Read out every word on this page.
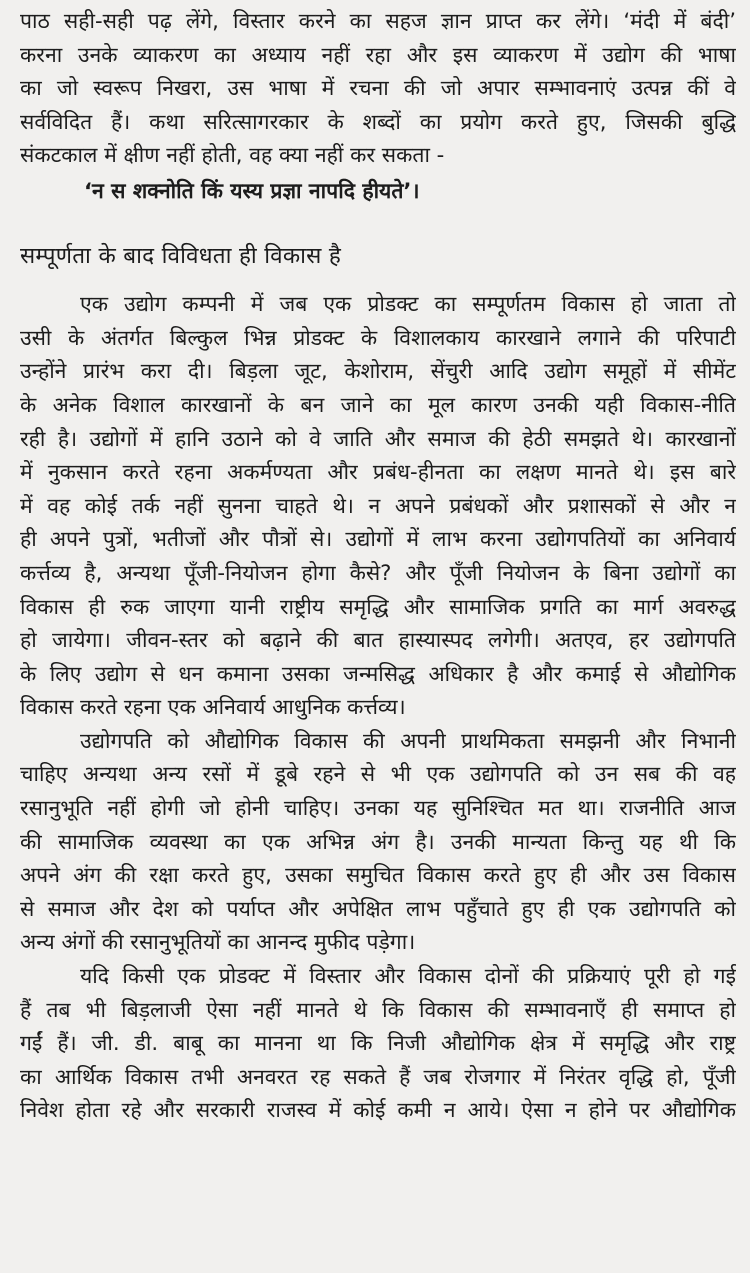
पाठ सही-सही पढ़ लेंगे, विस्तार करने का सहज ज्ञान प्राप्त कर लेंगे। ‘मंदी में बंदी’
करना उनके व्याकरण का अध्याय नहीं रहा और इस व्याकरण में उद्योग की भाषा
का जो स्वरूप निखरा, उस भाषा में रचना की जो अपार सम्भावनाएं उत्पन्न कीं वे
सर्वविदित हैं। कथा सरित्सागरकार के शब्दों का प्रयोग करते हुए, जिसकी बुद्धि
संकटकाल में क्षीण नहीं होती, वह क्या नहीं कर सकता -
‘न स शक्नोति किं यस्य प्रज्ञा नापदि हीयते’।
सम्पूर्णता के बाद विविधता ही विकास है
एक उद्योग कम्पनी में जब एक प्रोडक्ट का सम्पूर्णतम विकास हो जाता तो
उसी के अंतर्गत बिल्कुल भिन्न प्रोडक्ट के विशालकाय कारखाने लगाने की परिपाटी
उन्होंने प्रारंभ करा दी। बिड़ला जूट, केशोराम, सेंचुरी आदि उद्योग समूहों में सीमेंट
के अनेक विशाल कारखानों के बन जाने का मूल कारण उनकी यही विकास-नीति
रही है। उद्योगों में हानि उठाने को वे जाति और समाज की हेठी समझते थे। कारखानों
में नुकसान करते रहना अकर्मण्यता और प्रबंध-हीनता का लक्षण मानते थे। इस बारे
में वह कोई तर्क नहीं सुनना चाहते थे। न अपने प्रबंधकों और प्रशासकों से और न
ही अपने पुत्रों, भतीजों और पौत्रों से। उद्योगों में लाभ करना उद्योगपतियों का अनिवार्य
कर्त्तव्य है, अन्यथा पूँजी-नियोजन होगा कैसे? और पूँजी नियोजन के बिना उद्योगों का
विकास ही रुक जाएगा यानी राष्ट्रीय समृद्धि और सामाजिक प्रगति का मार्ग अवरुद्ध
हो जायेगा। जीवन-स्तर को बढ़ाने की बात हास्यास्पद लगेगी। अतएव, हर उद्योगपति
के लिए उद्योग से धन कमाना उसका जन्मसिद्ध अधिकार है और कमाई से औद्योगिक
विकास करते रहना एक अनिवार्य आधुनिक कर्त्तव्य।
उद्योगपति को औद्योगिक विकास की अपनी प्राथमिकता समझनी और निभानी
चाहिए अन्यथा अन्य रसों में डूबे रहने से भी एक उद्योगपति को उन सब की वह
रसानुभूति नहीं होगी जो होनी चाहिए। उनका यह सुनिश्चित मत था। राजनीति आज
की सामाजिक व्यवस्था का एक अभिन्न अंग है। उनकी मान्यता किन्तु यह थी कि
अपने अंग की रक्षा करते हुए, उसका समुचित विकास करते हुए ही और उस विकास
से समाज और देश को पर्याप्त और अपेक्षित लाभ पहुँचाते हुए ही एक उद्योगपति को
अन्य अंगों की रसानुभूतियों का आनन्द मुफीद पड़ेगा।
यदि किसी एक प्रोडक्ट में विस्तार और विकास दोनों की प्रक्रियाएं पूरी हो गई
हैं तब भी बिड़लाजी ऐसा नहीं मानते थे कि विकास की सम्भावनाएँ ही समाप्त हो
गईं हैं। जी. डी. बाबू का मानना था कि निजी औद्योगिक क्षेत्र में समृद्धि और राष्ट्र
का आर्थिक विकास तभी अनवरत रह सकते हैं जब रोजगार में निरंतर वृद्धि हो, पूँजी
निवेश होता रहे और सरकारी राजस्व में कोई कमी न आये। ऐसा न होने पर औद्योगिक
